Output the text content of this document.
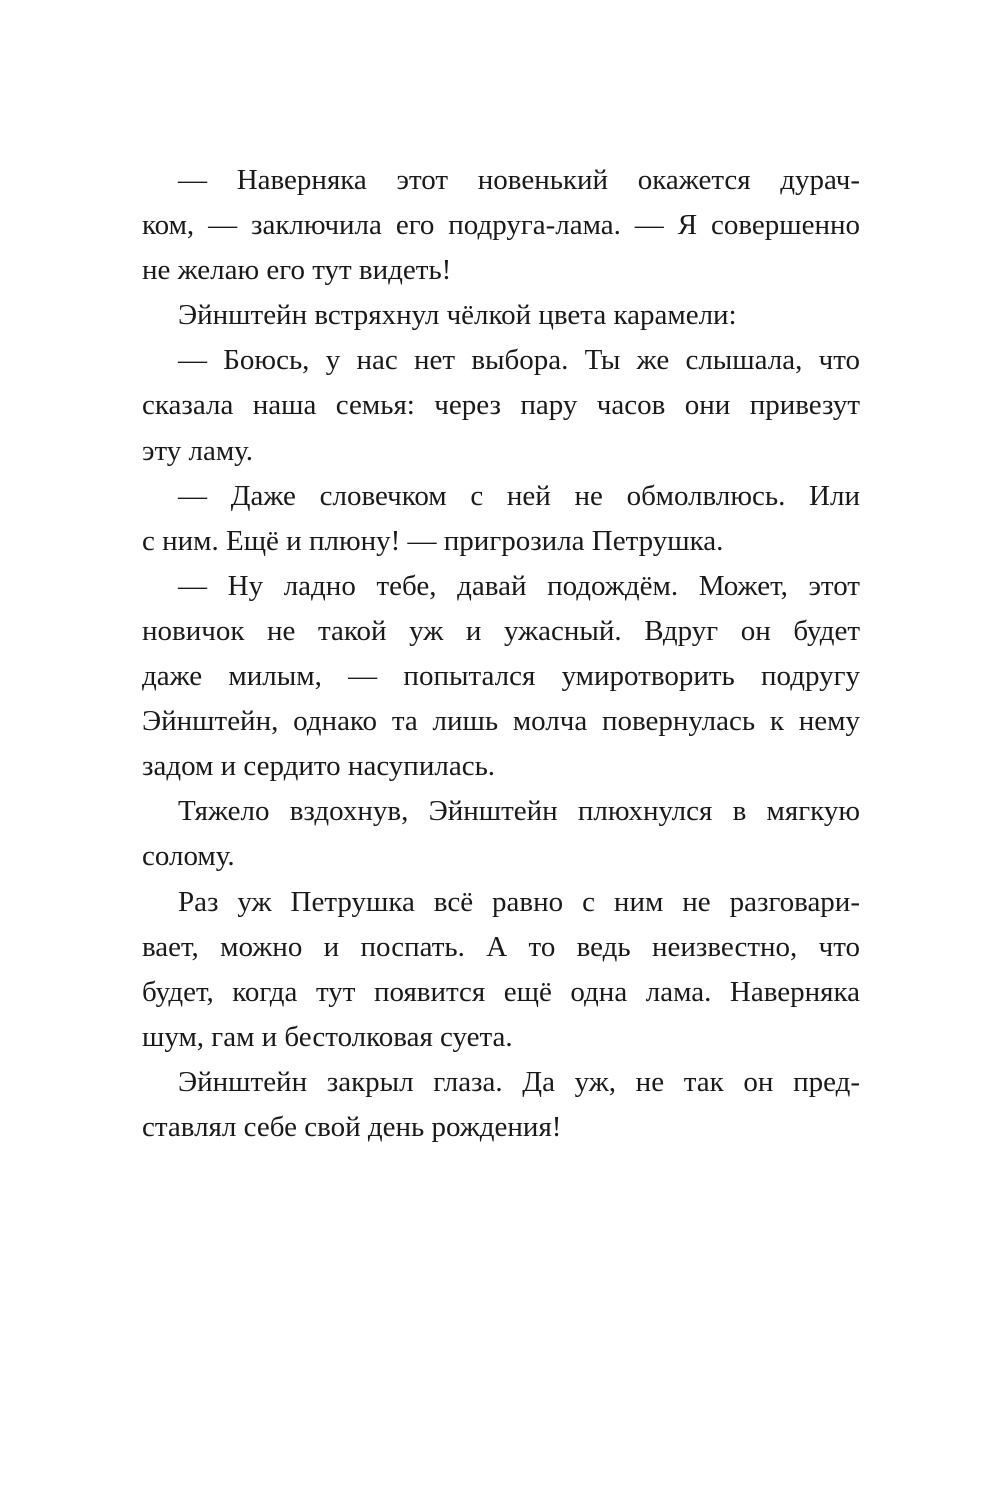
— Наверняка этот новенький окажется дурач-
ком, — заключила его подруга-лама. — Я совершенно
не желаю его тут видеть!
Эйнштейн встряхнул чёлкой цвета карамели:
— Боюсь, у нас нет выбора. Ты же слышала, что
сказала наша семья: через пару часов они привезут
эту ламу.
— Даже словечком с ней не обмолвлюсь. Или
с ним. Ещё и плюну! — пригрозила Петрушка.
— Ну ладно тебе, давай подождём. Может, этот
новичок не такой уж и ужасный. Вдруг он будет
даже милым, — попытался умиротворить подругу
Эйнштейн, однако та лишь молча повернулась к нему
задом и сердито насупилась.
Тяжело вздохнув, Эйнштейн плюхнулся в мягкую
солому.
Раз уж Петрушка всё равно с ним не разговари-
вает, можно и поспать. А то ведь неизвестно, что
будет, когда тут появится ещё одна лама. Наверняка
шум, гам и бестолковая суета.
Эйнштейн закрыл глаза. Да уж, не так он пред-
ставлял себе свой день рождения!
